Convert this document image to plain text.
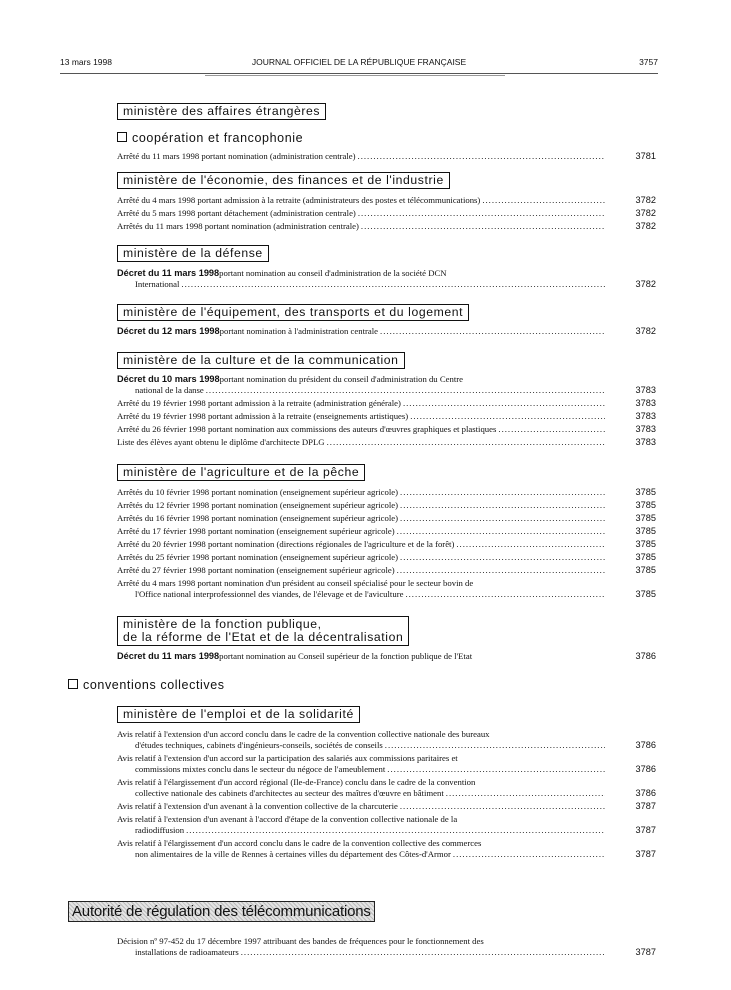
13 mars 1998	JOURNAL OFFICIEL DE LA RÉPUBLIQUE FRANÇAISE	3757
ministère des affaires étrangères
coopération et francophonie
Arrêté du 11 mars 1998 portant nomination (administration centrale) .....	3781
ministère de l'économie, des finances et de l'industrie
Arrêté du 4 mars 1998 portant admission à la retraite (administrateurs des postes et télécommunications) .....	3782
Arrêté du 5 mars 1998 portant détachement (administration centrale) .....	3782
Arrêtés du 11 mars 1998 portant nomination (administration centrale) .....	3782
ministère de la défense
Décret du 11 mars 1998 portant nomination au conseil d'administration de la société DCN
International .....	3782
ministère de l'équipement, des transports et du logement
Décret du 12 mars 1998 portant nomination à l'administration centrale .....	3782
ministère de la culture et de la communication
Décret du 10 mars 1998 portant nomination du président du conseil d'administration du Centre
national de la danse .....	3783
Arrêté du 19 février 1998 portant admission à la retraite (administration générale) .....	3783
Arrêté du 19 février 1998 portant admission à la retraite (enseignements artistiques) .....	3783
Arrêté du 26 février 1998 portant nomination aux commissions des auteurs d'œuvres graphiques et plastiques .....	3783
Liste des élèves ayant obtenu le diplôme d'architecte DPLG .....	3783
ministère de l'agriculture et de la pêche
Arrêtés du 10 février 1998 portant nomination (enseignement supérieur agricole) .....	3785
Arrêtés du 12 février 1998 portant nomination (enseignement supérieur agricole) .....	3785
Arrêtés du 16 février 1998 portant nomination (enseignement supérieur agricole) .....	3785
Arrêté du 17 février 1998 portant nomination (enseignement supérieur agricole) .....	3785
Arrêté du 20 février 1998 portant nomination (directions régionales de l'agriculture et de la forêt) .....	3785
Arrêtés du 25 février 1998 portant nomination (enseignement supérieur agricole) .....	3785
Arrêté du 27 février 1998 portant nomination (enseignement supérieur agricole) .....	3785
Arrêté du 4 mars 1998 portant nomination d'un président au conseil spécialisé pour le secteur bovin de
l'Office national interprofessionnel des viandes, de l'élevage et de l'aviculture .....	3785
ministère de la fonction publique,
de la réforme de l'Etat et de la décentralisation
Décret du 11 mars 1998 portant nomination au Conseil supérieur de la fonction publique de l'Etat	3786
conventions collectives
ministère de l'emploi et de la solidarité
Avis relatif à l'extension d'un accord conclu dans le cadre de la convention collective nationale des bureaux
d'études techniques, cabinets d'ingénieurs-conseils, sociétés de conseils .....	3786
Avis relatif à l'extension d'un accord sur la participation des salariés aux commissions paritaires et
commissions mixtes conclu dans le secteur du négoce de l'ameublement .....	3786
Avis relatif à l'élargissement d'un accord régional (Ile-de-France) conclu dans le cadre de la convention
collective nationale des cabinets d'architectes au secteur des maîtres d'œuvre en bâtiment .....	3786
Avis relatif à l'extension d'un avenant à la convention collective de la charcuterie .....	3787
Avis relatif à l'extension d'un avenant à l'accord d'étape de la convention collective nationale de la
radiodiffusion .....	3787
Avis relatif à l'élargissement d'un accord conclu dans le cadre de la convention collective des commerces
non alimentaires de la ville de Rennes à certaines villes du département des Côtes-d'Armor .....	3787
Autorité de régulation des télécommunications
Décision nº 97-452 du 17 décembre 1997 attribuant des bandes de fréquences pour le fonctionnement des
installations de radioamateurs .....	3787
